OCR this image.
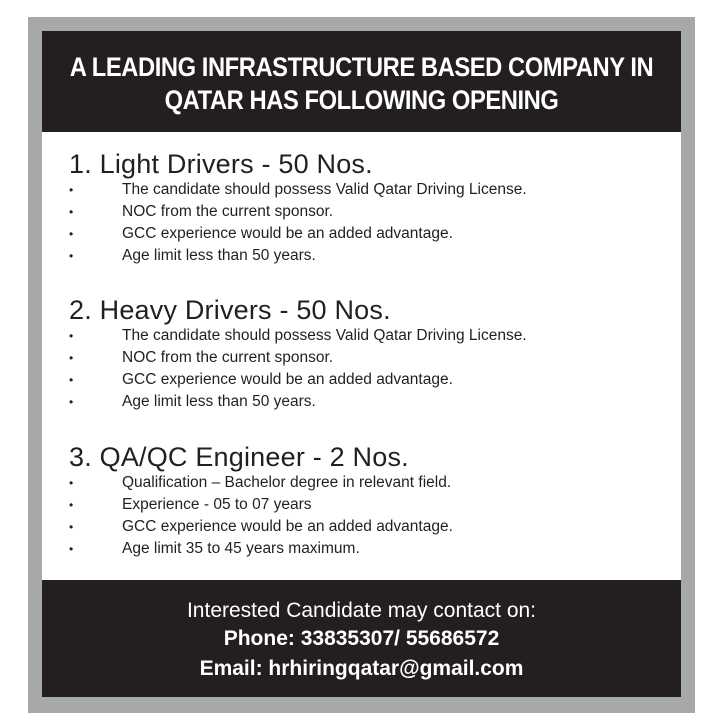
A LEADING INFRASTRUCTURE BASED COMPANY IN
QATAR HAS FOLLOWING OPENING
1. Light Drivers - 50 Nos.
•	The candidate should possess Valid Qatar Driving License.
•	NOC from the current sponsor.
•	GCC experience would be an added advantage.
•	Age limit less than 50 years.
2. Heavy Drivers - 50 Nos.
•	The candidate should possess Valid Qatar Driving License.
•	NOC from the current sponsor.
•	GCC experience would be an added advantage.
•	Age limit less than 50 years.
3. QA/QC Engineer - 2 Nos.
•	Qualification – Bachelor degree in relevant field.
•	Experience - 05 to 07 years
•	GCC experience would be an added advantage.
•	Age limit 35 to 45 years maximum.
Interested Candidate may contact on:
Phone: 33835307/ 55686572
Email: hrhiringqatar@gmail.com
